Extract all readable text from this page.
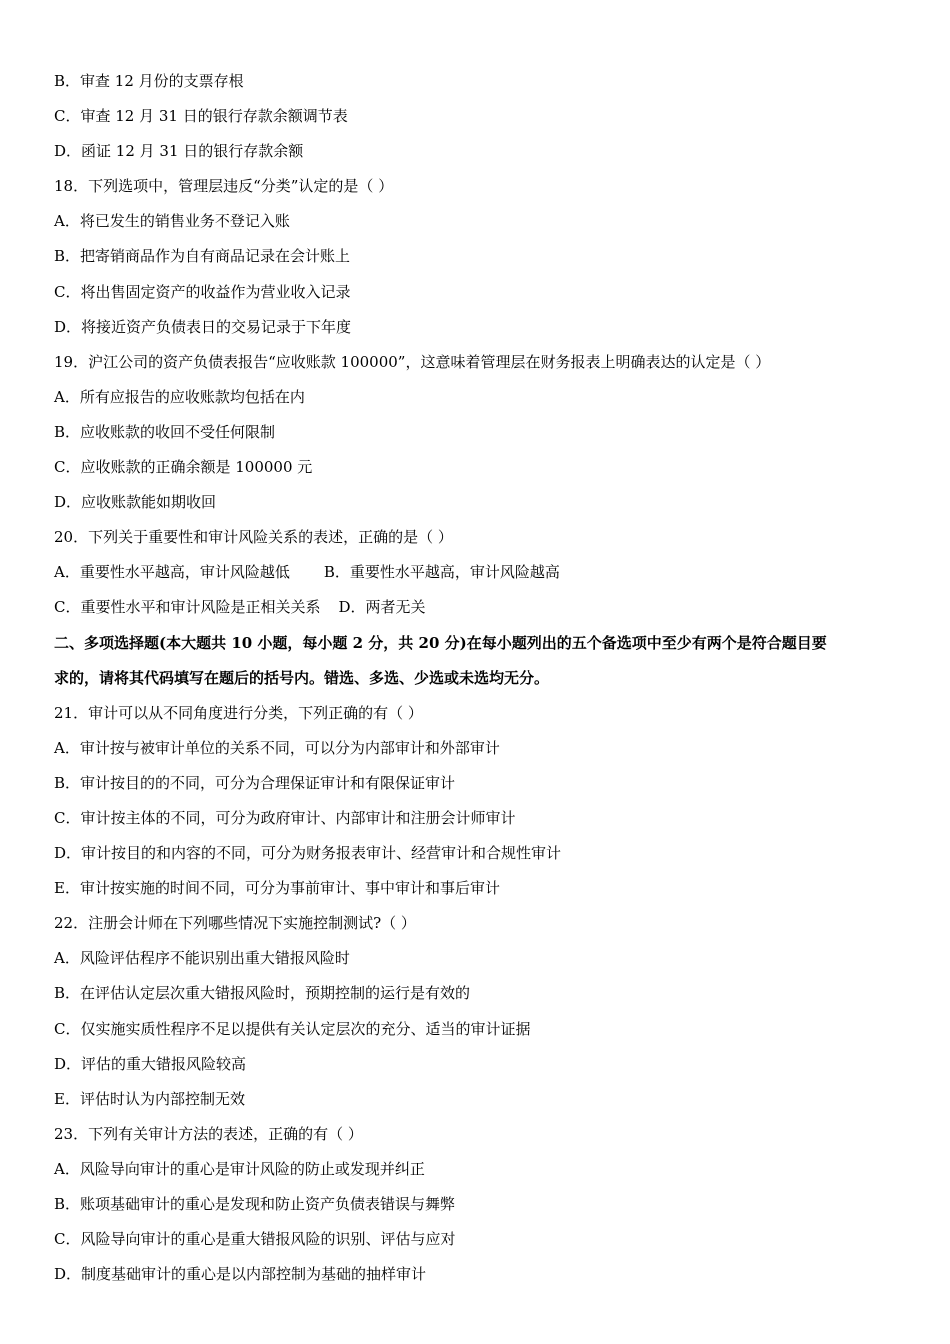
B．审查 12 月份的支票存根
C．审查 12 月 31 日的银行存款余额调节表
D．函证 12 月 31 日的银行存款余额
18．下列选项中，管理层违反“分类”认定的是（ ）
A．将已发生的销售业务不登记入账
B．把寄销商品作为自有商品记录在会计账上
C．将出售固定资产的收益作为营业收入记录
D．将接近资产负债表日的交易记录于下年度
19．沪江公司的资产负债表报告“应收账款 100000”，这意味着管理层在财务报表上明确表达的认定是（ ）
A．所有应报告的应收账款均包括在内
B．应收账款的收回不受任何限制
C．应收账款的正确余额是 100000 元
D．应收账款能如期收回
20．下列关于重要性和审计风险关系的表述，正确的是（ ）
A．重要性水平越高，审计风险越低 B．重要性水平越高，审计风险越高
C．重要性水平和审计风险是正相关关系 D．两者无关
二、多项选择题(本大题共 10 小题，每小题 2 分，共 20 分)在每小题列出的五个备选项中至少有两个是符合题目要
求的，请将其代码填写在题后的括号内。错选、多选、少选或未选均无分。
21．审计可以从不同角度进行分类，下列正确的有（ ）
A．审计按与被审计单位的关系不同，可以分为内部审计和外部审计
B．审计按目的的不同，可分为合理保证审计和有限保证审计
C．审计按主体的不同，可分为政府审计、内部审计和注册会计师审计
D．审计按目的和内容的不同，可分为财务报表审计、经营审计和合规性审计
E．审计按实施的时间不同，可分为事前审计、事中审计和事后审计
22．注册会计师在下列哪些情况下实施控制测试?（ ）
A．风险评估程序不能识别出重大错报风险时
B．在评估认定层次重大错报风险时，预期控制的运行是有效的
C．仅实施实质性程序不足以提供有关认定层次的充分、适当的审计证据
D．评估的重大错报风险较高
E．评估时认为内部控制无效
23．下列有关审计方法的表述，正确的有（ ）
A．风险导向审计的重心是审计风险的防止或发现并纠正
B．账项基础审计的重心是发现和防止资产负债表错误与舞弊
C．风险导向审计的重心是重大错报风险的识别、评估与应对
D．制度基础审计的重心是以内部控制为基础的抽样审计
